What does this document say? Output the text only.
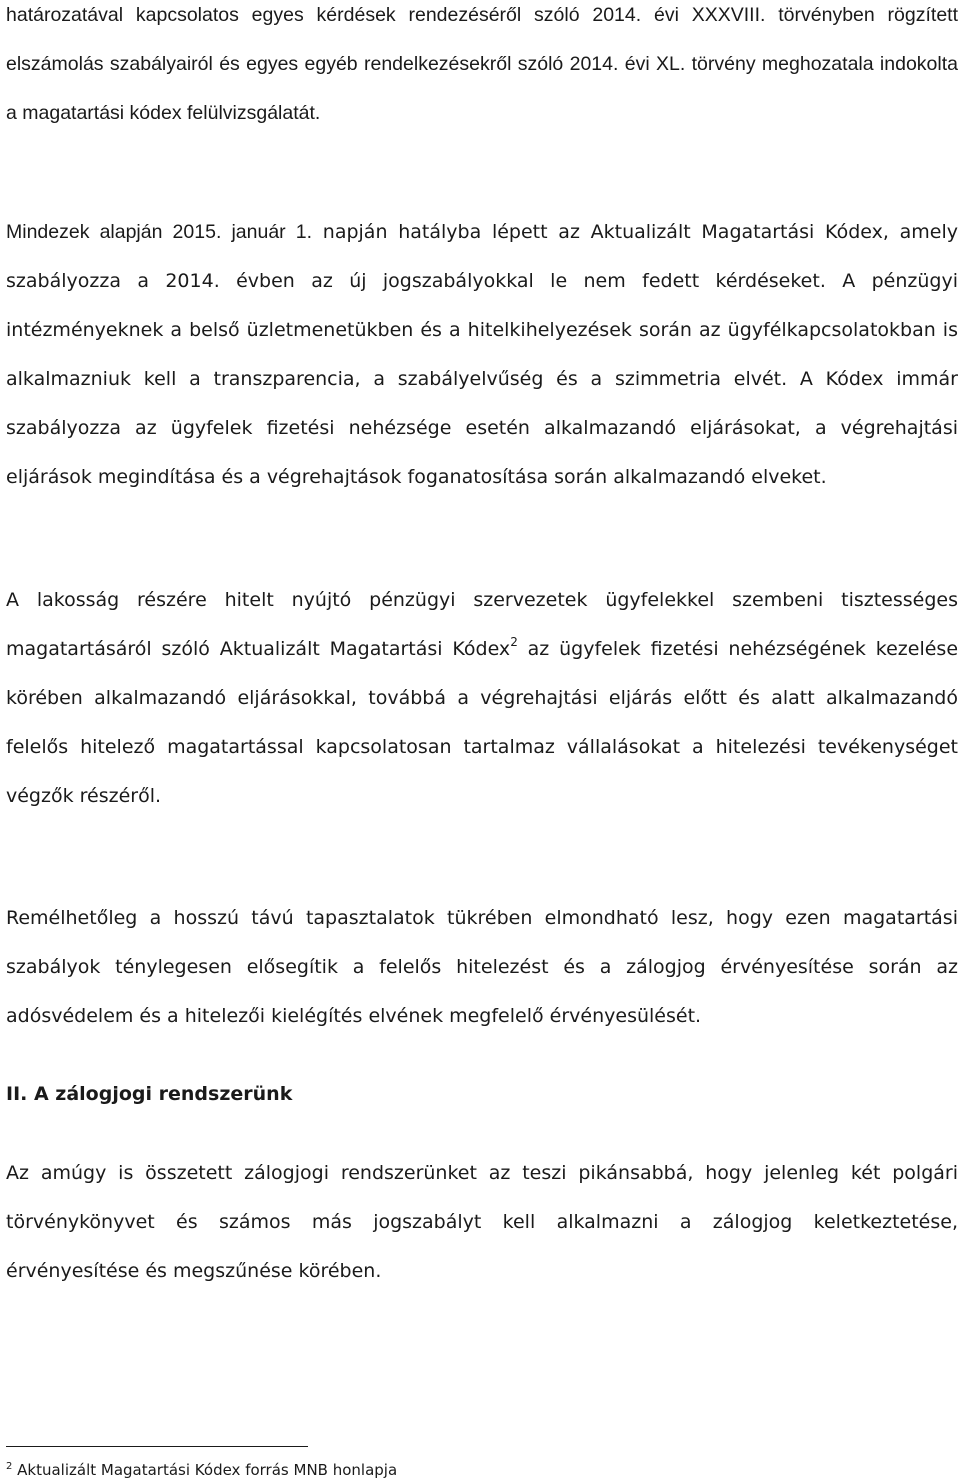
határozatával kapcsolatos egyes kérdések rendezéséről szóló 2014. évi XXXVIII. törvényben rögzített elszámolás szabályairól és egyes egyéb rendelkezésekről szóló 2014. évi XL. törvény meghozatala indokolta a magatartási kódex felülvizsgálatát.
Mindezek alapján 2015. január 1. napján hatályba lépett az Aktualizált Magatartási Kódex, amely szabályozza a 2014. évben az új jogszabályokkal le nem fedett kérdéseket. A pénzügyi intézményeknek a belső üzletmenetükben és a hitelkihelyezések során az ügyfélkapcsolatokban is alkalmazniuk kell a transzparencia, a szabályelvűség és a szimmetria elvét. A Kódex immár szabályozza az ügyfelek fizetési nehézsége esetén alkalmazandó eljárásokat, a végrehajtási eljárások megindítása és a végrehajtások foganatosítása során alkalmazandó elveket.
A lakosság részére hitelt nyújtó pénzügyi szervezetek ügyfelekkel szembeni tisztességes magatartásáról szóló Aktualizált Magatartási Kódex$^2$ az ügyfelek fizetési nehézségének kezelése körében alkalmazandó eljárásokkal, továbbá a végrehajtási eljárás előtt és alatt alkalmazandó felelős hitelező magatartással kapcsolatosan tartalmaz vállalásokat a hitelezési tevékenységet végzők részéről.
Remélhetőleg a hosszú távú tapasztalatok tükrében elmondható lesz, hogy ezen magatartási szabályok ténylegesen elősegítik a felelős hitelezést és a zálogjog érvényesítése során az adósvédelem és a hitelezői kielégítés elvének megfelelő érvényesülését.
II. A zálogjogi rendszerünk
Az amúgy is összetett zálogjogi rendszerünket az teszi pikánsabbá, hogy jelenleg két polgári törvénykönyvet és számos más jogszabályt kell alkalmazni a zálogjog keletkeztetése, érvényesítése és megszűnése körében.
$^2$ Aktualizált Magatartási Kódex forrás MNB honlapja
